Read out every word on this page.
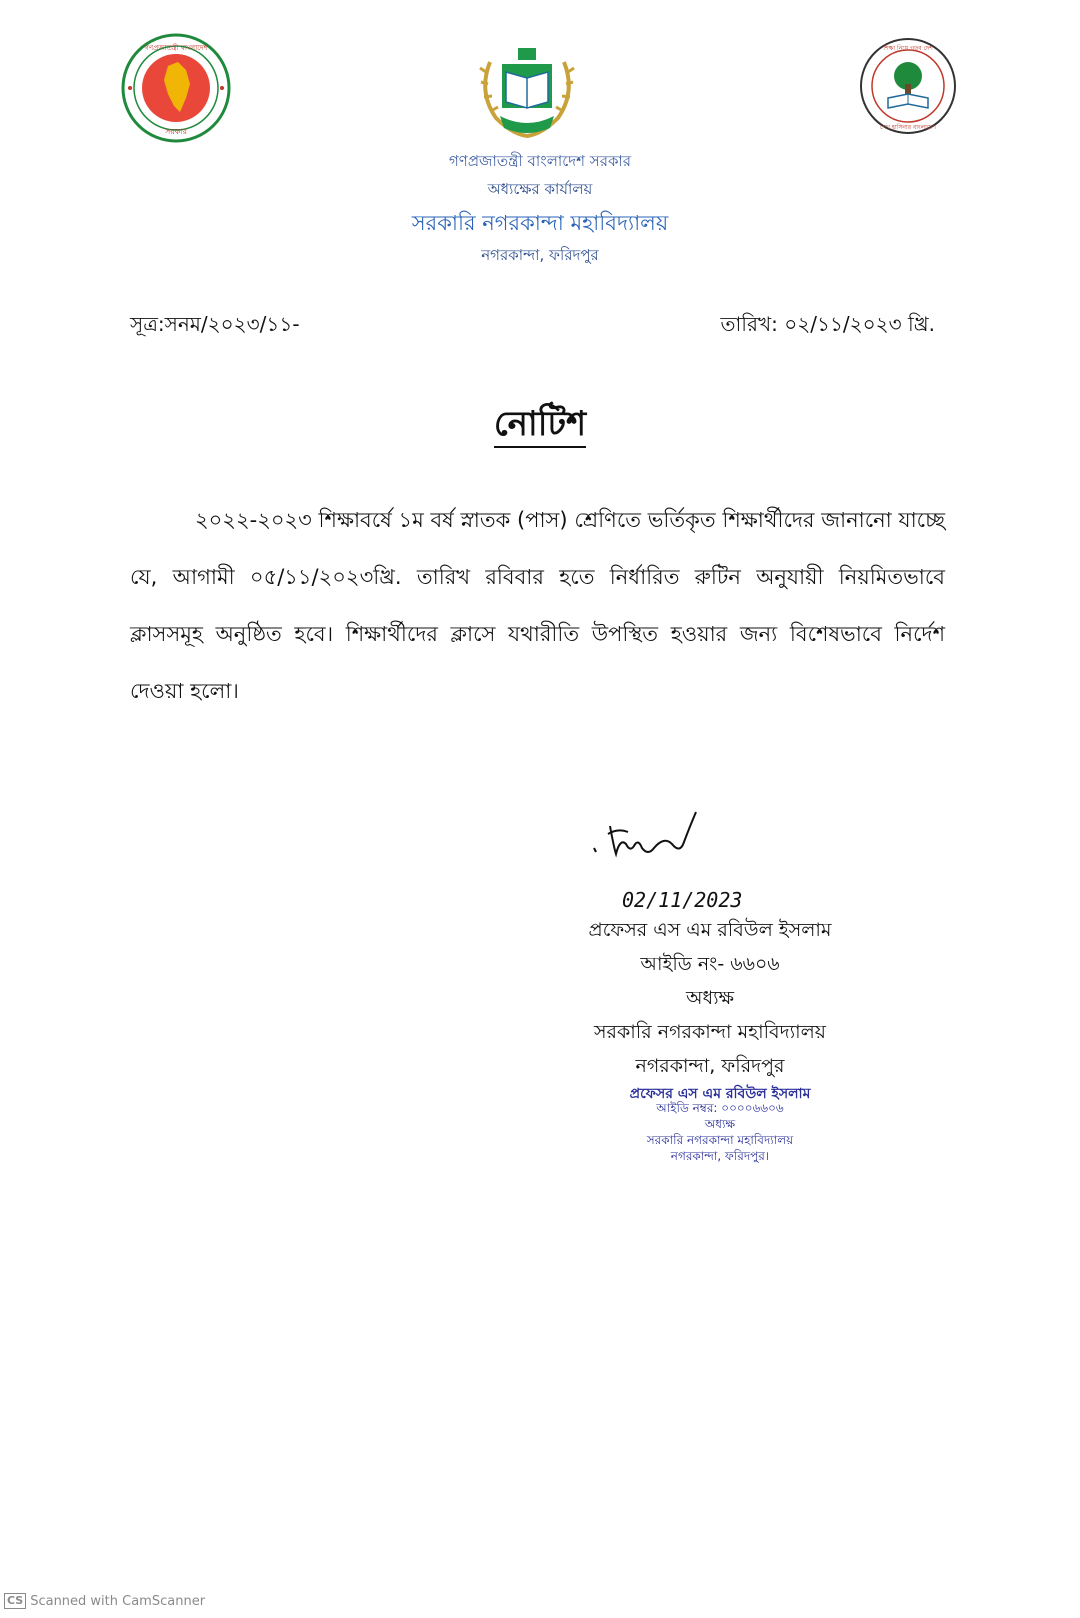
গণপ্রজাতন্ত্রী বাংলাদেশ
সরকার
শিক্ষা নিয়ে গড়ব দেশ
শেখ হাসিনার বাংলাদেশ
গণপ্রজাতন্ত্রী বাংলাদেশ সরকার
অধ্যক্ষের কার্যালয়
সরকারি নগরকান্দা মহাবিদ্যালয়
নগরকান্দা, ফরিদপুর
সূত্র:সনম/২০২৩/১১-	তারিখ: ০২/১১/২০২৩ খ্রি.
নোটিশ
২০২২-২০২৩ শিক্ষাবর্ষে ১ম বর্ষ স্নাতক (পাস) শ্রেণিতে ভর্তিকৃত শিক্ষার্থীদের জানানো যাচ্ছে যে, আগামী ০৫/১১/২০২৩খ্রি. তারিখ রবিবার হতে নির্ধারিত রুটিন অনুযায়ী নিয়মিতভাবে ক্লাসসমূহ অনুষ্ঠিত হবে। শিক্ষার্থীদের ক্লাসে যথারীতি উপস্থিত হওয়ার জন্য বিশেষভাবে নির্দেশ দেওয়া হলো।
02/11/2023
প্রফেসর এস এম রবিউল ইসলাম
আইডি নং- ৬৬০৬
অধ্যক্ষ
সরকারি নগরকান্দা মহাবিদ্যালয়
নগরকান্দা, ফরিদপুর
প্রফেসর এস এম রবিউল ইসলাম
আইডি নম্বর: ০০০০৬৬০৬
অধ্যক্ষ
সরকারি নগরকান্দা মহাবিদ্যালয়
নগরকান্দা, ফরিদপুর।
CS Scanned with CamScanner
